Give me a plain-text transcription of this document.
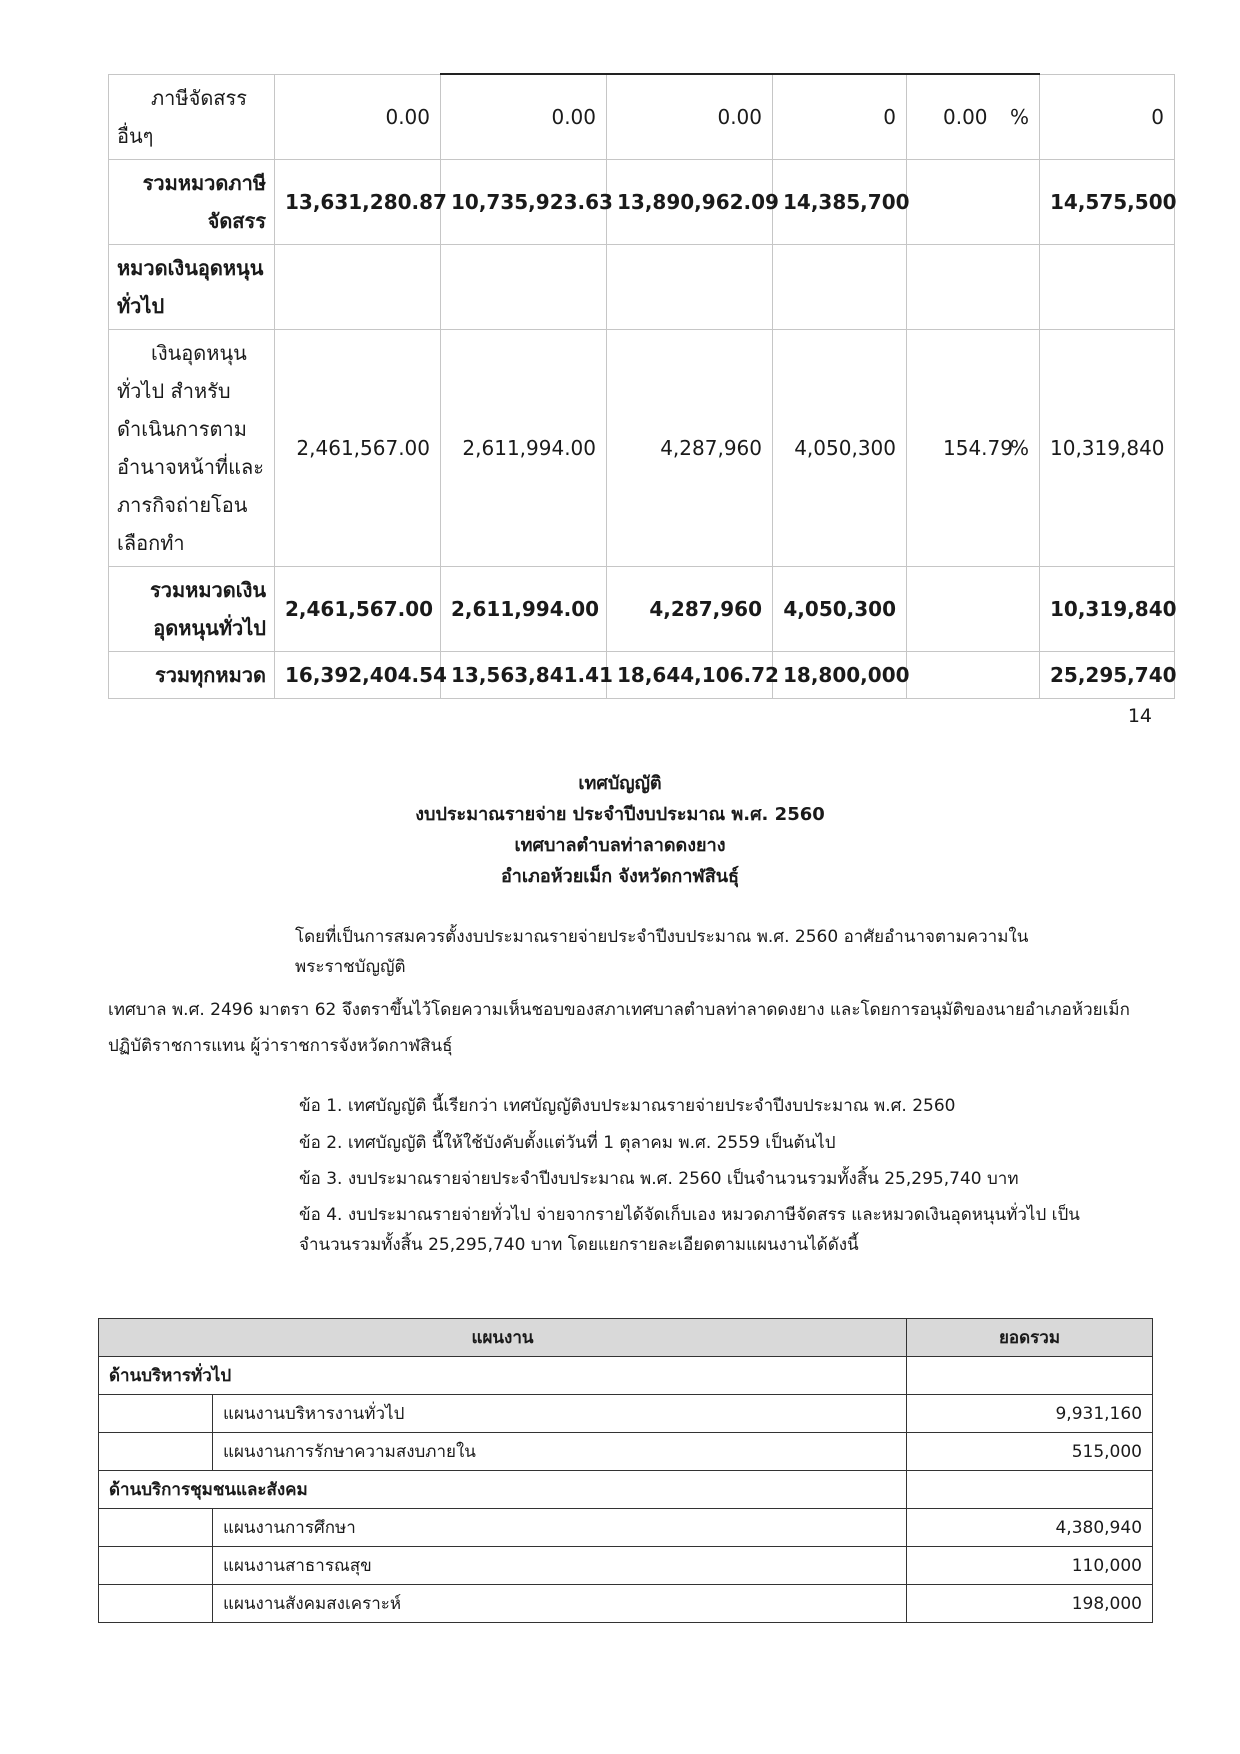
ภาษีจัดสรรอื่นๆ	0.00	0.00	0.00	0	0.00 %	0
รวมหมวดภาษีจัดสรร	13,631,280.87	10,735,923.63	13,890,962.09	14,385,700		14,575,500
หมวดเงินอุดหนุนทั่วไป						

เงินอุดหนุนทั่วไป สำหรับดำเนินการตามอำนาจหน้าที่และภารกิจถ่ายโอนเลือกทำ	2,461,567.00	2,611,994.00	4,287,960	4,050,300	154.79%	10,319,840
รวมหมวดเงินอุดหนุนทั่วไป	2,461,567.00	2,611,994.00	4,287,960	4,050,300		10,319,840
รวมทุกหมวด	16,392,404.54	13,563,841.41	18,644,106.72	18,800,000		25,295,740
14
เทศบัญญัติ
งบประมาณรายจ่าย ประจำปีงบประมาณ พ.ศ. 2560
เทศบาลตำบลท่าลาดดงยาง
อำเภอห้วยเม็ก จังหวัดกาฬสินธุ์
โดยที่เป็นการสมควรตั้งงบประมาณรายจ่ายประจำปีงบประมาณ พ.ศ. 2560 อาศัยอำนาจตามความใน
พระราชบัญญัติ
เทศบาล พ.ศ. 2496 มาตรา 62 จึงตราขึ้นไว้โดยความเห็นชอบของสภาเทศบาลตำบลท่าลาดดงยาง และโดยการอนุมัติของนายอำเภอห้วยเม็ก
ปฏิบัติราชการแทน ผู้ว่าราชการจังหวัดกาฬสินธุ์
ข้อ 1. เทศบัญญัติ นี้เรียกว่า เทศบัญญัติงบประมาณรายจ่ายประจำปีงบประมาณ พ.ศ. 2560
ข้อ 2. เทศบัญญัติ นี้ให้ใช้บังคับตั้งแต่วันที่ 1 ตุลาคม พ.ศ. 2559 เป็นต้นไป
ข้อ 3. งบประมาณรายจ่ายประจำปีงบประมาณ พ.ศ. 2560 เป็นจำนวนรวมทั้งสิ้น 25,295,740 บาท
ข้อ 4. งบประมาณรายจ่ายทั่วไป จ่ายจากรายได้จัดเก็บเอง หมวดภาษีจัดสรร และหมวดเงินอุดหนุนทั่วไป เป็น
จำนวนรวมทั้งสิ้น 25,295,740 บาท โดยแยกรายละเอียดตามแผนงานได้ดังนี้
แผนงาน		ยอดรวม
ด้านบริหารทั่วไป		
	แผนงานบริหารงานทั่วไป	9,931,160
	แผนงานการรักษาความสงบภายใน	515,000
ด้านบริการชุมชนและสังคม		
	แผนงานการศึกษา	4,380,940
	แผนงานสาธารณสุข	110,000
	แผนงานสังคมสงเคราะห์	198,000
